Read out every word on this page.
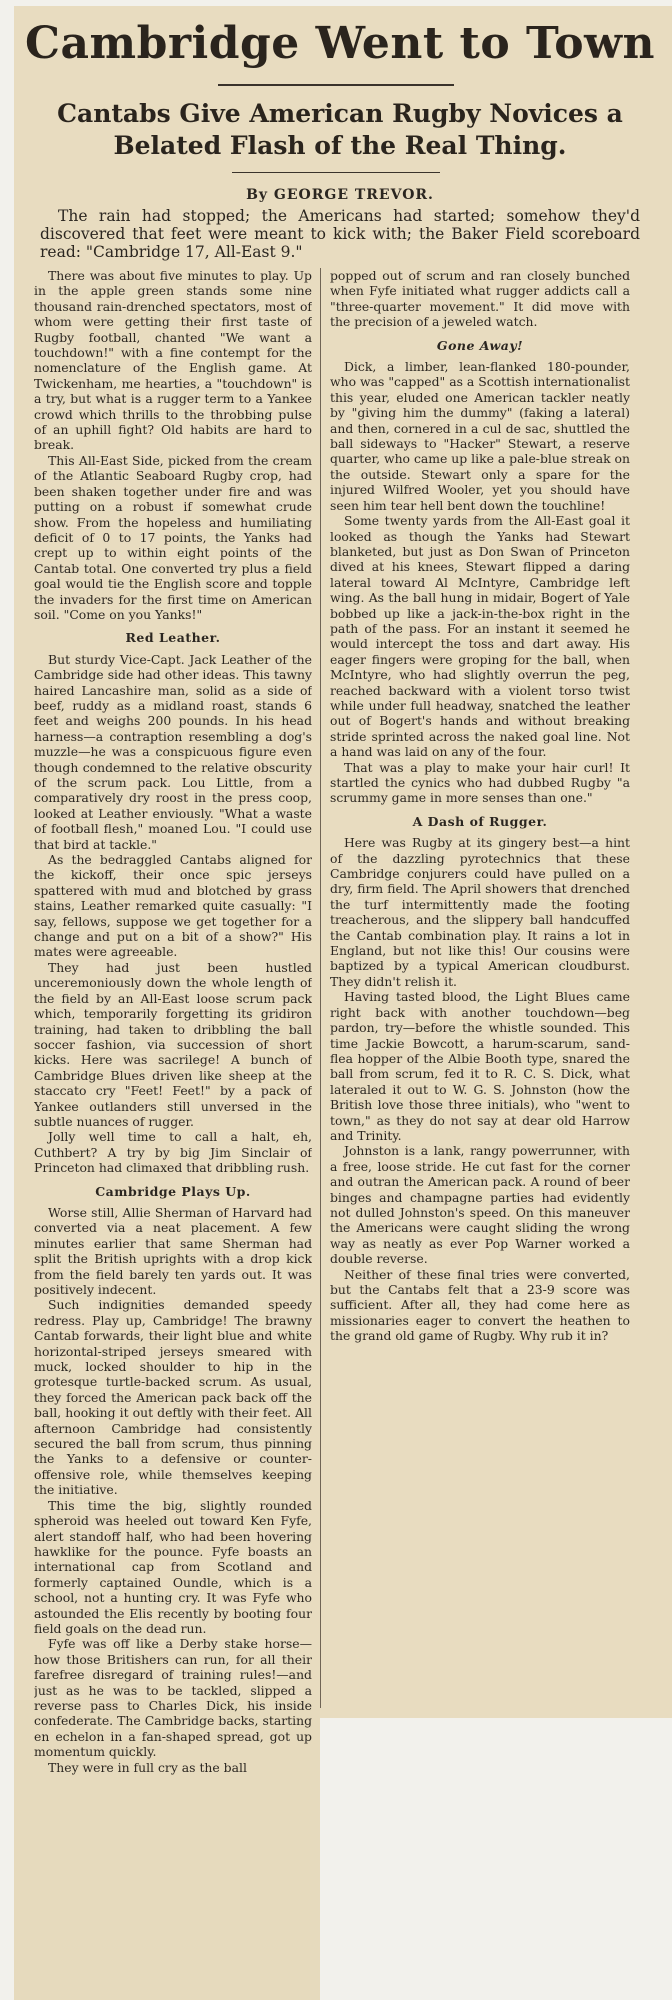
Cambridge Went to Town
Cantabs Give American Rugby Novices a Belated Flash of the Real Thing.
By GEORGE TREVOR.
The rain had stopped; the Americans had started; somehow they'd discovered that feet were meant to kick with; the Baker Field scoreboard read: "Cambridge 17, All-East 9."

There was about five minutes to play. Up in the apple green stands some nine thousand rain-drenched spectators, most of whom were getting their first taste of Rugby football, chanted "We want a touchdown!" with a fine contempt for the nomenclature of the English game. At Twickenham, me hearties, a "touchdown" is a try, but what is a rugger term to a Yankee crowd which thrills to the throbbing pulse of an uphill fight? Old habits are hard to break.

This All-East Side, picked from the cream of the Atlantic Seaboard Rugby crop, had been shaken together under fire and was putting on a robust if somewhat crude show. From the hopeless and humiliating deficit of 0 to 17 points, the Yanks had crept up to within eight points of the Cantab total. One converted try plus a field goal would tie the English score and topple the invaders for the first time on American soil. "Come on you Yanks!"

Red Leather.

But sturdy Vice-Capt. Jack Leather of the Cambridge side had other ideas. This tawny haired Lancashire man, solid as a side of beef, ruddy as a midland roast, stands 6 feet and weighs 200 pounds. In his head harness—a contraption resembling a dog's muzzle—he was a conspicuous figure even though condemned to the relative obscurity of the scrum pack. Lou Little, from a comparatively dry roost in the press coop, looked at Leather enviously. "What a waste of football flesh," moaned Lou. "I could use that bird at tackle."

As the bedraggled Cantabs aligned for the kickoff, their once spic jerseys spattered with mud and blotched by grass stains, Leather remarked quite casually: "I say, fellows, suppose we get together for a change and put on a bit of a show?" His mates were agreeable.

They had just been hustled unceremoniously down the whole length of the field by an All-East loose scrum pack which, temporarily forgetting its gridiron training, had taken to dribbling the ball soccer fashion, via succession of short kicks. Here was sacrilege! A bunch of Cambridge Blues driven like sheep at the staccato cry "Feet! Feet!" by a pack of Yankee outlanders still unversed in the subtle nuances of rugger.

Jolly well time to call a halt, eh, Cuthbert? A try by big Jim Sinclair of Princeton had climaxed that dribbling rush.

Cambridge Plays Up.

Worse still, Allie Sherman of Harvard had converted via a neat placement. A few minutes earlier that same Sherman had split the British uprights with a drop kick from the field barely ten yards out. It was positively indecent.

Such indignities demanded speedy redress. Play up, Cambridge! The brawny Cantab forwards, their light blue and white horizontal-striped jerseys smeared with muck, locked shoulder to hip in the grotesque turtle-backed scrum. As usual, they forced the American pack back off the ball, hooking it out deftly with their feet. All afternoon Cambridge had consistently secured the ball from scrum, thus pinning the Yanks to a defensive or counter-offensive role, while themselves keeping the initiative.

This time the big, slightly rounded spheroid was heeled out toward Ken Fyfe, alert standoff half, who had been hovering hawklike for the pounce. Fyfe boasts an international cap from Scotland and formerly captained Oundle, which is a school, not a hunting cry. It was Fyfe who astounded the Elis recently by booting four field goals on the dead run.

Fyfe was off like a Derby stake horse—how those Britishers can run, for all their farefree disregard of training rules!—and just as he was to be tackled, slipped a reverse pass to Charles Dick, his inside confederate. The Cambridge backs, starting en echelon in a fan-shaped spread, got up momentum quickly.

They were in full cry as the ball

popped out of scrum and ran closely bunched when Fyfe initiated what rugger addicts call a "three-quarter movement." It did move with the precision of a jeweled watch.

Gone Away!

Dick, a limber, lean-flanked 180-pounder, who was "capped" as a Scottish internationalist this year, eluded one American tackler neatly by "giving him the dummy" (faking a lateral) and then, cornered in a cul de sac, shuttled the ball sideways to "Hacker" Stewart, a reserve quarter, who came up like a pale-blue streak on the outside. Stewart only a spare for the injured Wilfred Wooler, yet you should have seen him tear hell bent down the touchline!

Some twenty yards from the All-East goal it looked as though the Yanks had Stewart blanketed, but just as Don Swan of Princeton dived at his knees, Stewart flipped a daring lateral toward Al McIntyre, Cambridge left wing. As the ball hung in midair, Bogert of Yale bobbed up like a jack-in-the-box right in the path of the pass. For an instant it seemed he would intercept the toss and dart away. His eager fingers were groping for the ball, when McIntyre, who had slightly overrun the peg, reached backward with a violent torso twist while under full headway, snatched the leather out of Bogert's hands and without breaking stride sprinted across the naked goal line. Not a hand was laid on any of the four.

That was a play to make your hair curl! It startled the cynics who had dubbed Rugby "a scrummy game in more senses than one."

A Dash of Rugger.

Here was Rugby at its gingery best—a hint of the dazzling pyrotechnics that these Cambridge conjurers could have pulled on a dry, firm field. The April showers that drenched the turf intermittently made the footing treacherous, and the slippery ball handcuffed the Cantab combination play. It rains a lot in England, but not like this! Our cousins were baptized by a typical American cloudburst. They didn't relish it.

Having tasted blood, the Light Blues came right back with another touchdown—beg pardon, try—before the whistle sounded. This time Jackie Bowcott, a harum-scarum, sand-flea hopper of the Albie Booth type, snared the ball from scrum, fed it to R. C. S. Dick, what lateraled it out to W. G. S. Johnston (how the British love those three initials), who "went to town," as they do not say at dear old Harrow and Trinity.

Johnston is a lank, rangy powerrunner, with a free, loose stride. He cut fast for the corner and outran the American pack. A round of beer binges and champagne parties had evidently not dulled Johnston's speed. On this maneuver the Americans were caught sliding the wrong way as neatly as ever Pop Warner worked a double reverse.

Neither of these final tries were converted, but the Cantabs felt that a 23-9 score was sufficient. After all, they had come here as missionaries eager to convert the heathen to the grand old game of Rugby. Why rub it in?
